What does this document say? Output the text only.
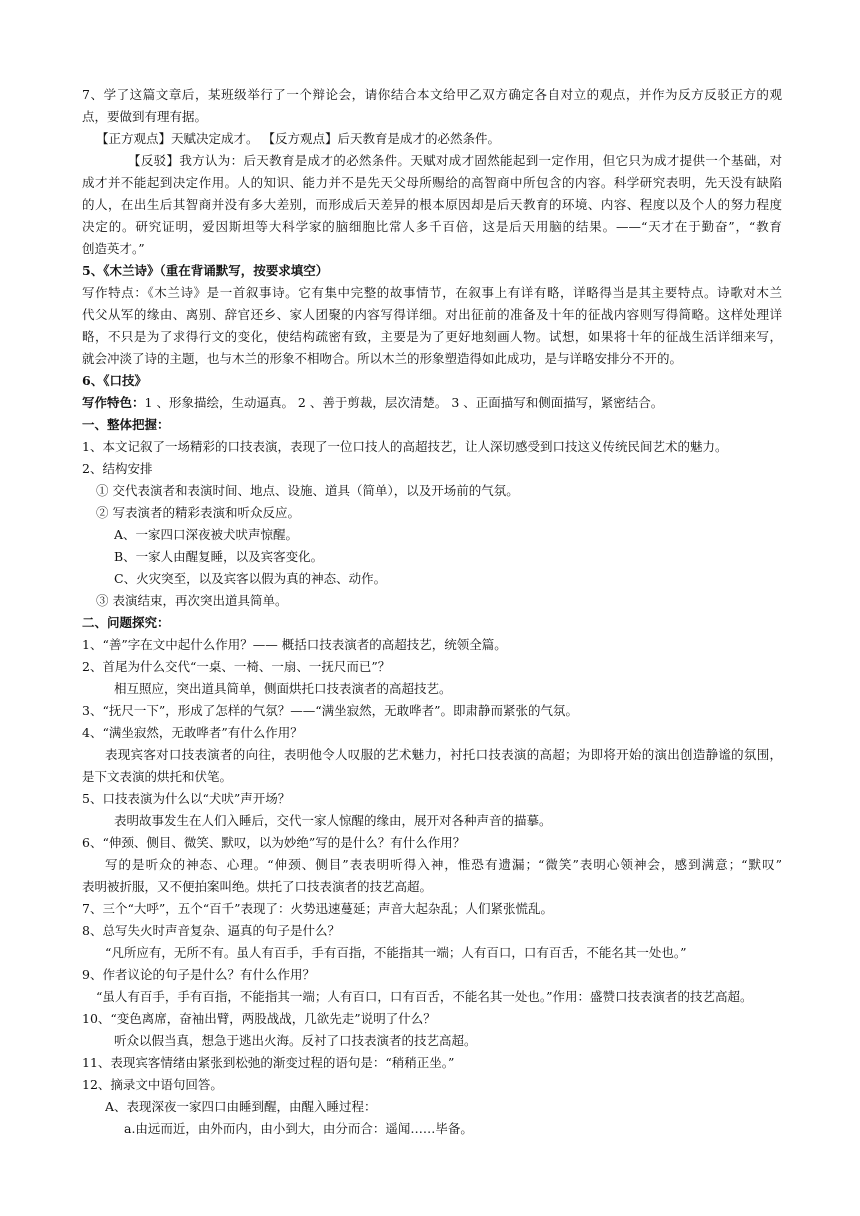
7、学了这篇文章后，某班级举行了一个辩论会，请你结合本文给甲乙双方确定各自对立的观点，并作为反方反驳正方的观
点，要做到有理有据。
【正方观点】天赋决定成才。 【反方观点】后天教育是成才的必然条件。
【反驳】我方认为：后天教育是成才的必然条件。天赋对成才固然能起到一定作用，但它只为成才提供一个基础，对
成才并不能起到决定作用。人的知识、能力并不是先天父母所赐给的高智商中所包含的内容。科学研究表明，先天没有缺陷
的人，在出生后其智商并没有多大差别，而形成后天差异的根本原因却是后天教育的环境、内容、程度以及个人的努力程度
决定的。研究证明，爱因斯坦等大科学家的脑细胞比常人多千百倍，这是后天用脑的结果。——“天才在于勤奋”，“教育
创造英才。”
5、《木兰诗》（重在背诵默写，按要求填空）
写作特点：《木兰诗》是一首叙事诗。它有集中完整的故事情节，在叙事上有详有略，详略得当是其主要特点。诗歌对木兰
代父从军的缘由、离别、辞官还乡、家人团聚的内容写得详细。对出征前的准备及十年的征战内容则写得简略。这样处理详
略，不只是为了求得行文的变化，使结构疏密有致，主要是为了更好地刻画人物。试想，如果将十年的征战生活详细来写，
就会冲淡了诗的主题，也与木兰的形象不相吻合。所以木兰的形象塑造得如此成功，是与详略安排分不开的。
6、《口技》
写作特色：1 、形象描绘，生动逼真。 2 、善于剪裁，层次清楚。 3 、正面描写和侧面描写，紧密结合。
一、整体把握：
1、本文记叙了一场精彩的口技表演，表现了一位口技人的高超技艺，让人深切感受到口技这义传统民间艺术的魅力。
2、结构安排
① 交代表演者和表演时间、地点、设施、道具（简单），以及开场前的气氛。
② 写表演者的精彩表演和听众反应。
A、一家四口深夜被犬吠声惊醒。
B、一家人由醒复睡，以及宾客变化。
C、火灾突至，以及宾客以假为真的神态、动作。
③ 表演结束，再次突出道具简单。
二、问题探究：
1、“善”字在文中起什么作用？—— 概括口技表演者的高超技艺，统领全篇。
2、首尾为什么交代“一桌、一椅、一扇、一抚尺而已”？
相互照应，突出道具简单，侧面烘托口技表演者的高超技艺。
3、“抚尺一下”，形成了怎样的气氛？——“满坐寂然，无敢哗者”。即肃静而紧张的气氛。
4、“满坐寂然，无敢哗者”有什么作用？
表现宾客对口技表演者的向往，表明他令人叹服的艺术魅力，衬托口技表演的高超；为即将开始的演出创造静谧的氛围，
是下文表演的烘托和伏笔。
5、口技表演为什么以“犬吠”声开场？
表明故事发生在人们入睡后，交代一家人惊醒的缘由，展开对各种声音的描摹。
6、“伸颈、侧目、微笑、默叹，以为妙绝”写的是什么？有什么作用？
写的是听众的神态、心理。“伸颈、侧目”表表明听得入神，惟恐有遗漏；“微笑”表明心领神会，感到满意；“默叹”
表明被折服，又不便拍案叫绝。烘托了口技表演者的技艺高超。
7、三个“大呼”，五个“百千”表现了：火势迅速蔓延；声音大起杂乱；人们紧张慌乱。
8、总写失火时声音复杂、逼真的句子是什么？
“凡所应有，无所不有。虽人有百手，手有百指，不能指其一端；人有百口，口有百舌，不能名其一处也。”
9、作者议论的句子是什么？有什么作用？
“虽人有百手，手有百指，不能指其一端；人有百口，口有百舌，不能名其一处也。”作用：盛赞口技表演者的技艺高超。
10、“变色离席，奋袖出臂，两股战战，几欲先走”说明了什么？
听众以假当真，想急于逃出火海。反衬了口技表演者的技艺高超。
11、表现宾客情绪由紧张到松弛的渐变过程的语句是：“稍稍正坐。”
12、摘录文中语句回答。
A、表现深夜一家四口由睡到醒，由醒入睡过程：
a.由远而近，由外而内，由小到大，由分而合：遥闻……毕备。
